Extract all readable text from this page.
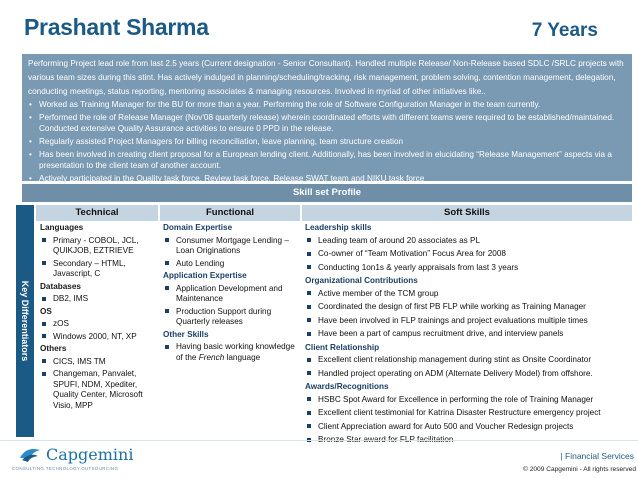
Prashant Sharma	7 Years

Performing Project lead role from last 2.5 years (Current designation - Senior Consultant). Handled multiple Release/ Non-Release based SDLC /SRLC projects with various team sizes during this stint. Has actively indulged in planning/scheduling/tracking, risk management, problem solving, contention management, delegation, conducting meetings, status reporting, mentoring associates & managing resources. Involved in myriad of other initiatives like..

• Worked as Training Manager for the BU for more than a year. Performing the role of Software Configuration Manager in the team currently.
• Performed the role of Release Manager (Nov'08 quarterly release) wherein coordinated efforts with different teams were required to be established/maintained. Conducted extensive Quality Assurance activities to ensure 0 PPD in the release.
• Regularly assisted Project Managers for billing reconciliation, leave planning, team structure creation
• Has been involved in creating client proposal for a European lending client. Additionally, has been involved in elucidating “Release Management” aspects via a presentation to the client team of another account.
• Actively participated in the Quality task force, Review task force, Release SWAT team and NIKU task force
Skill set Profile
Key Differentiators
Technical	Functional	Soft Skills
Languages
Primary - COBOL, JCL, QUIKJOB, EZTRIEVE
Secondary – HTML, Javascript, C
Databases
DB2, IMS
OS
zOS
Windows 2000, NT, XP
Others
CICS, IMS TM
Changeman, Panvalet, SPUFI, NDM, Xpediter, Quality Center, Microsoft Visio, MPP
Domain Expertise
Consumer Mortgage Lending – Loan Originations
Auto Lending
Application Expertise
Application Development and Maintenance
Production Support during Quarterly releases
Other Skills
Having basic working knowledge of the French language
Leadership skills
Leading team of around 20 associates as PL
Co-owner of “Team Motivation” Focus Area for 2008
Conducting 1on1s & yearly appraisals from last 3 years
Organizational Contributions
Active member of the TCM group
Coordinated the design of first PB FLP while working as Training Manager
Have been involved in FLP trainings and project evaluations multiple times
Have been a part of campus recruitment drive, and interview panels
Client Relationship
Excellent client relationship management during stint as Onsite Coordinator
Handled project operating on ADM (Alternate Delivery Model) from offshore.
Awards/Recognitions
HSBC Spot Award for Excellence in performing the role of Training Manager
Excellent client testimonial for Katrina Disaster Restructure emergency project
Client Appreciation award for Auto 500 and Voucher Redesign projects
Capgemini
CONSULTING.TECHNOLOGY.OUTSOURCING
| Financial Services
© 2009 Capgemini - All rights reserved
